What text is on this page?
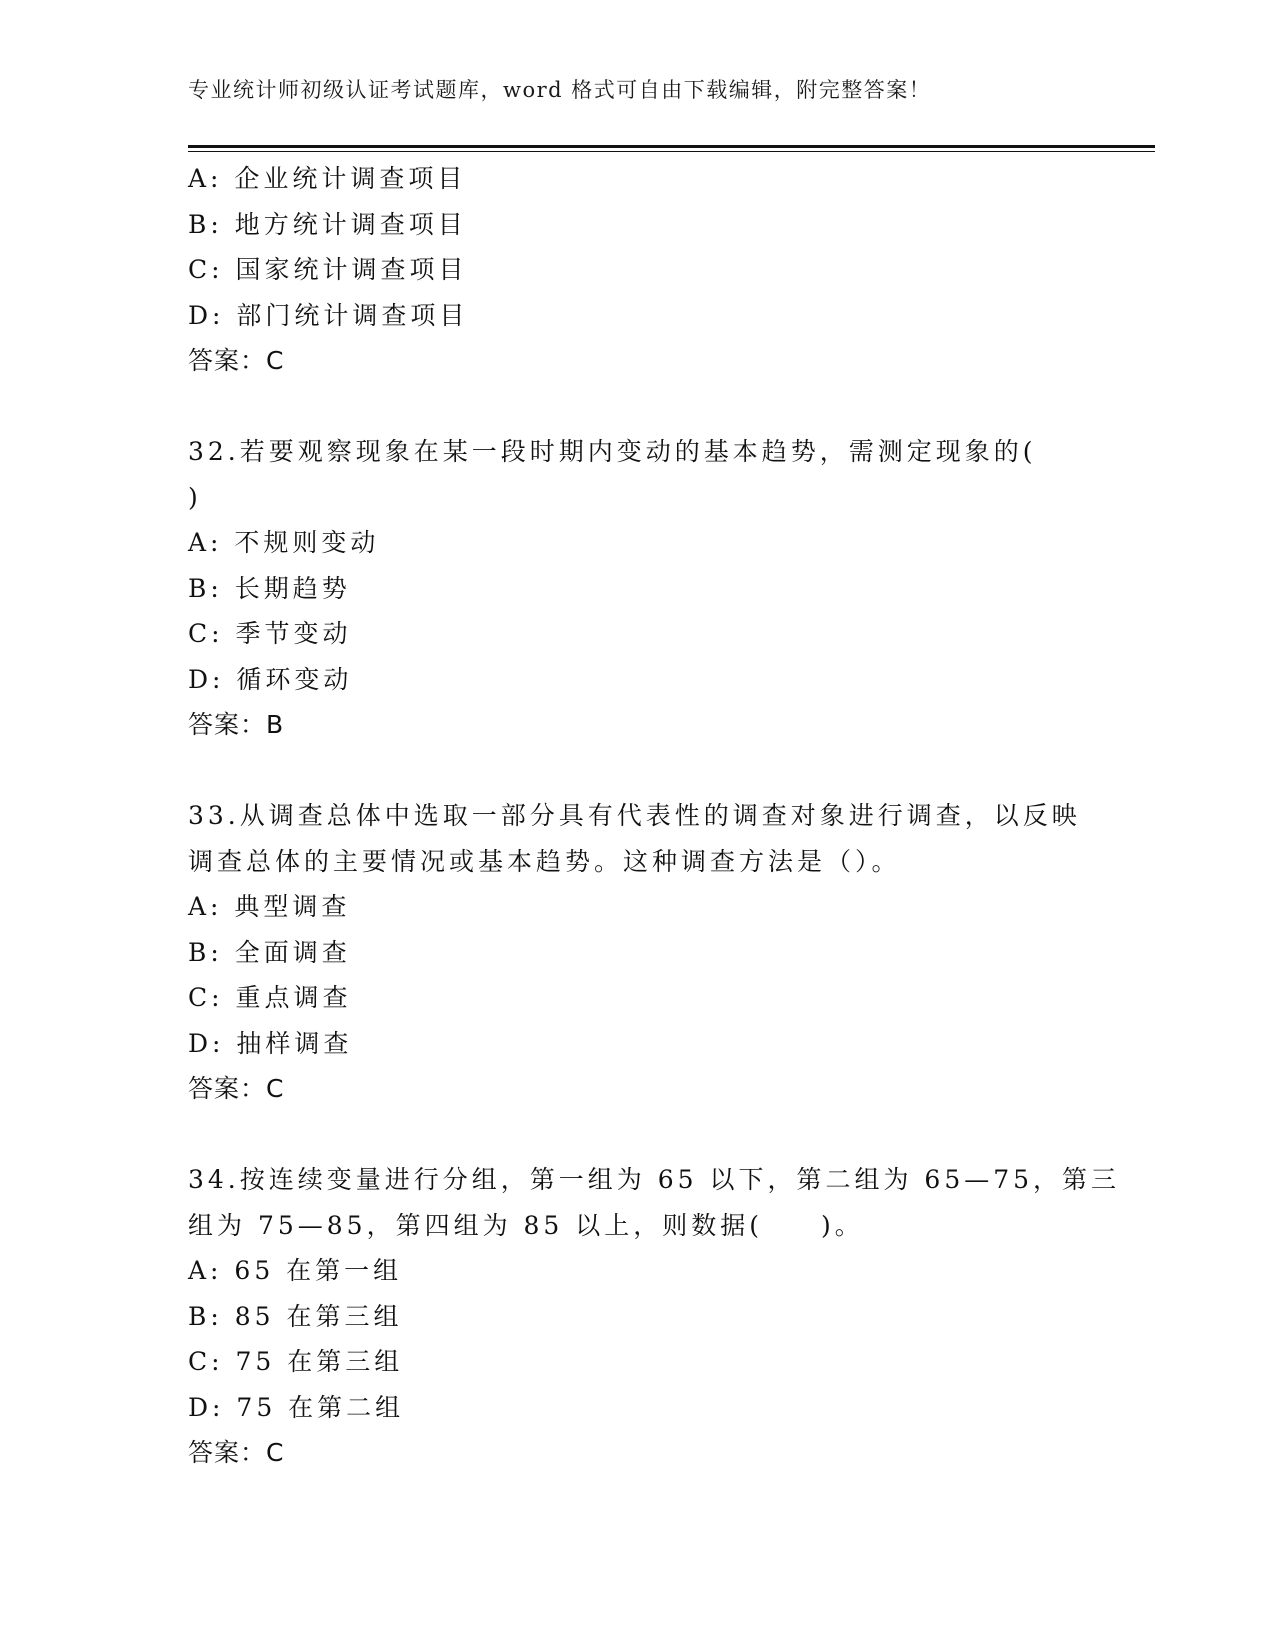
专业统计师初级认证考试题库，word 格式可自由下载编辑，附完整答案！
A: 企业统计调查项目
B: 地方统计调查项目
C: 国家统计调查项目
D: 部门统计调查项目
答案：C
32.若要观察现象在某一段时期内变动的基本趋势，需测定现象的(
)
A: 不规则变动
B: 长期趋势
C: 季节变动
D: 循环变动
答案：B
33.从调查总体中选取一部分具有代表性的调查对象进行调查，以反映
调查总体的主要情况或基本趋势。这种调查方法是（）。
A: 典型调查
B: 全面调查
C: 重点调查
D: 抽样调查
答案：C
34.按连续变量进行分组，第一组为 65 以下，第二组为 65—75，第三
组为 75—85，第四组为 85 以上，则数据(　　)。
A: 65 在第一组
B: 85 在第三组
C: 75 在第三组
D: 75 在第二组
答案：C
